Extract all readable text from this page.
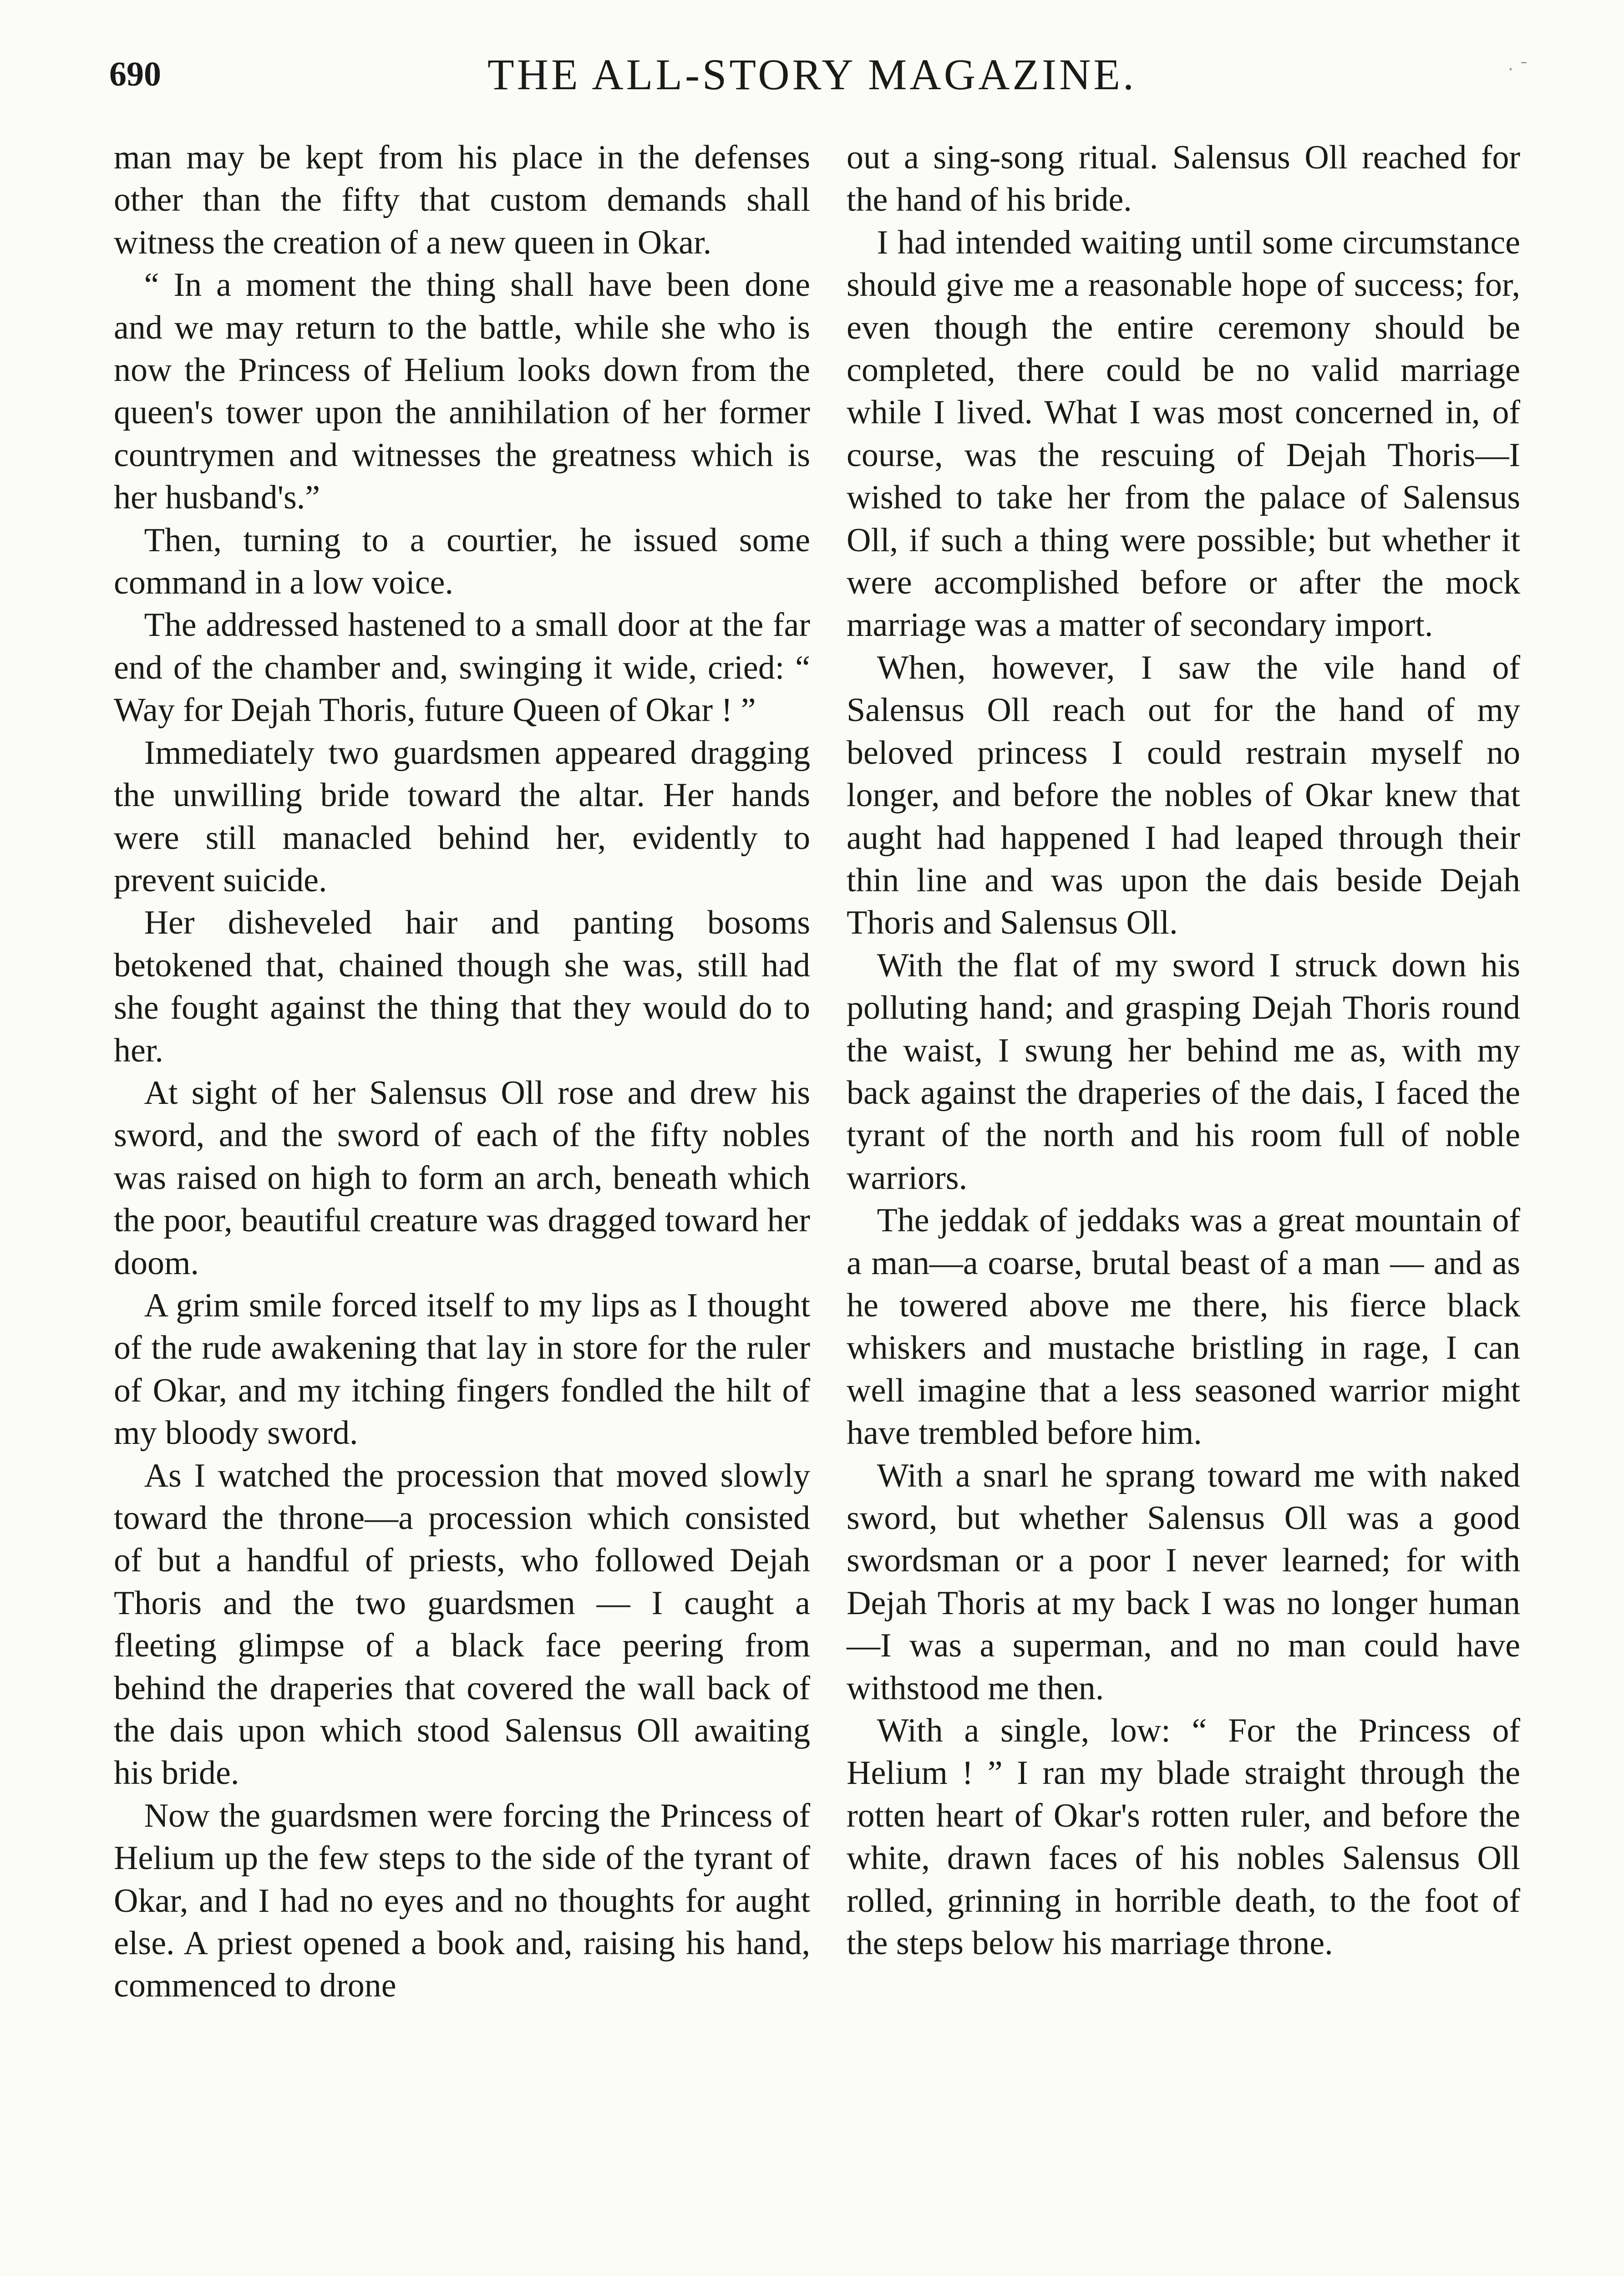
690	THE ALL-STORY MAGAZINE.	· ˉ

man may be kept from his place in the defenses other than the fifty that custom demands shall witness the creation of a new queen in Okar.

“ In a moment the thing shall have been done and we may return to the battle, while she who is now the Princess of Helium looks down from the queen's tower upon the annihilation of her former countrymen and witnesses the greatness which is her husband's.”

Then, turning to a courtier, he issued some command in a low voice.

The addressed hastened to a small door at the far end of the chamber and, swinging it wide, cried: “ Way for Dejah Thoris, future Queen of Okar ! ”

Immediately two guardsmen appeared dragging the unwilling bride toward the altar. Her hands were still manacled behind her, evidently to prevent suicide.

Her disheveled hair and panting bosoms betokened that, chained though she was, still had she fought against the thing that they would do to her.

At sight of her Salensus Oll rose and drew his sword, and the sword of each of the fifty nobles was raised on high to form an arch, beneath which the poor, beautiful creature was dragged toward her doom.

A grim smile forced itself to my lips as I thought of the rude awakening that lay in store for the ruler of Okar, and my itching fingers fondled the hilt of my bloody sword.

As I watched the procession that moved slowly toward the throne—a procession which consisted of but a handful of priests, who followed Dejah Thoris and the two guardsmen — I caught a fleeting glimpse of a black face peering from behind the draperies that covered the wall back of the dais upon which stood Salensus Oll awaiting his bride.

Now the guardsmen were forcing the Princess of Helium up the few steps to the side of the tyrant of Okar, and I had no eyes and no thoughts for aught else. A priest opened a book and, raising his hand, commenced to drone

out a sing-song ritual. Salensus Oll reached for the hand of his bride.

I had intended waiting until some circumstance should give me a reasonable hope of success; for, even though the entire ceremony should be completed, there could be no valid marriage while I lived. What I was most concerned in, of course, was the rescuing of Dejah Thoris—I wished to take her from the palace of Salensus Oll, if such a thing were possible; but whether it were accomplished before or after the mock marriage was a matter of secondary import.

When, however, I saw the vile hand of Salensus Oll reach out for the hand of my beloved princess I could restrain myself no longer, and before the nobles of Okar knew that aught had happened I had leaped through their thin line and was upon the dais beside Dejah Thoris and Salensus Oll.

With the flat of my sword I struck down his polluting hand; and grasping Dejah Thoris round the waist, I swung her behind me as, with my back against the draperies of the dais, I faced the tyrant of the north and his room full of noble warriors.

The jeddak of jeddaks was a great mountain of a man—a coarse, brutal beast of a man — and as he towered above me there, his fierce black whiskers and mustache bristling in rage, I can well imagine that a less seasoned warrior might have trembled before him.

With a snarl he sprang toward me with naked sword, but whether Salensus Oll was a good swordsman or a poor I never learned; for with Dejah Thoris at my back I was no longer human—I was a superman, and no man could have withstood me then.

With a single, low: “ For the Princess of Helium ! ” I ran my blade straight through the rotten heart of Okar's rotten ruler, and before the white, drawn faces of his nobles Salensus Oll rolled, grinning in horrible death, to the foot of the steps below his marriage throne.
